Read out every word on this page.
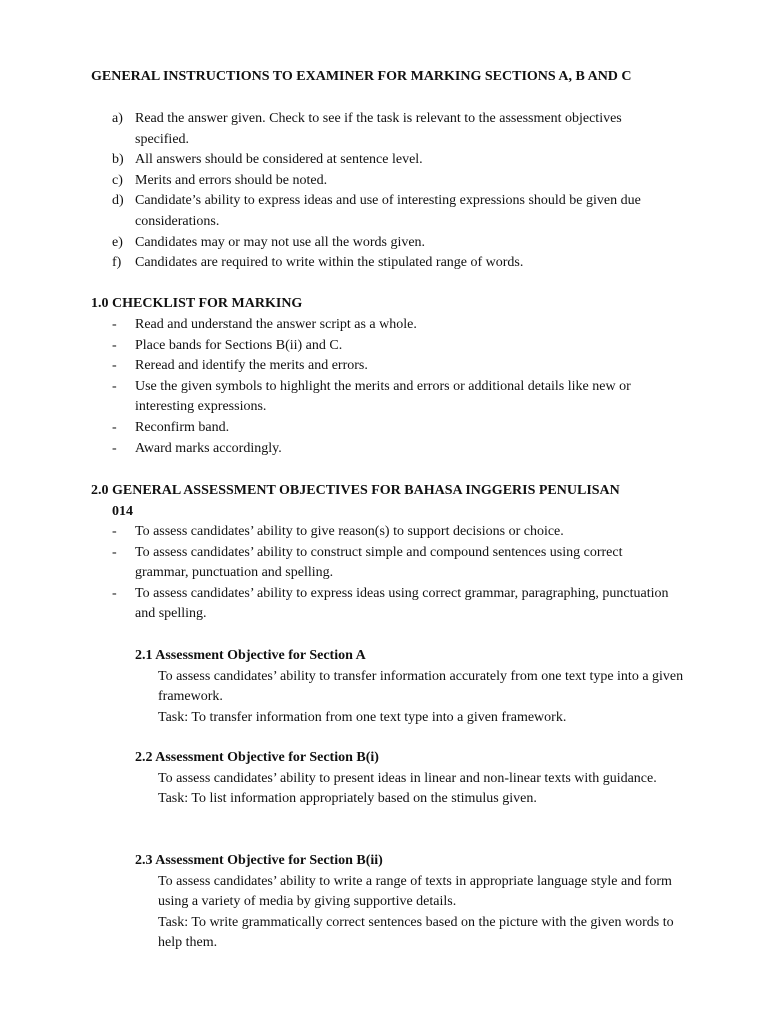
GENERAL INSTRUCTIONS TO EXAMINER FOR MARKING SECTIONS A, B AND C
a) Read the answer given. Check to see if the task is relevant to the assessment objectives specified.
b) All answers should be considered at sentence level.
c) Merits and errors should be noted.
d) Candidate’s ability to express ideas and use of interesting expressions should be given due considerations.
e) Candidates may or may not use all the words given.
f) Candidates are required to write within the stipulated range of words.
1.0 CHECKLIST FOR MARKING
- Read and understand the answer script as a whole.
- Place bands for Sections B(ii) and C.
- Reread and identify the merits and errors.
- Use the given symbols to highlight the merits and errors or additional details like new or interesting expressions.
- Reconfirm band.
- Award marks accordingly.
2.0 GENERAL ASSESSMENT OBJECTIVES FOR BAHASA INGGERIS PENULISAN
014
- To assess candidates’ ability to give reason(s) to support decisions or choice.
- To assess candidates’ ability to construct simple and compound sentences using correct grammar, punctuation and spelling.
- To assess candidates’ ability to express ideas using correct grammar, paragraphing, punctuation and spelling.
2.1 Assessment Objective for Section A
To assess candidates’ ability to transfer information accurately from one text type into a given framework.
Task: To transfer information from one text type into a given framework.
2.2 Assessment Objective for Section B(i)
To assess candidates’ ability to present ideas in linear and non-linear texts with guidance.
Task: To list information appropriately based on the stimulus given.
2.3 Assessment Objective for Section B(ii)
To assess candidates’ ability to write a range of texts in appropriate language style and form using a variety of media by giving supportive details.
Task: To write grammatically correct sentences based on the picture with the given words to help them.
